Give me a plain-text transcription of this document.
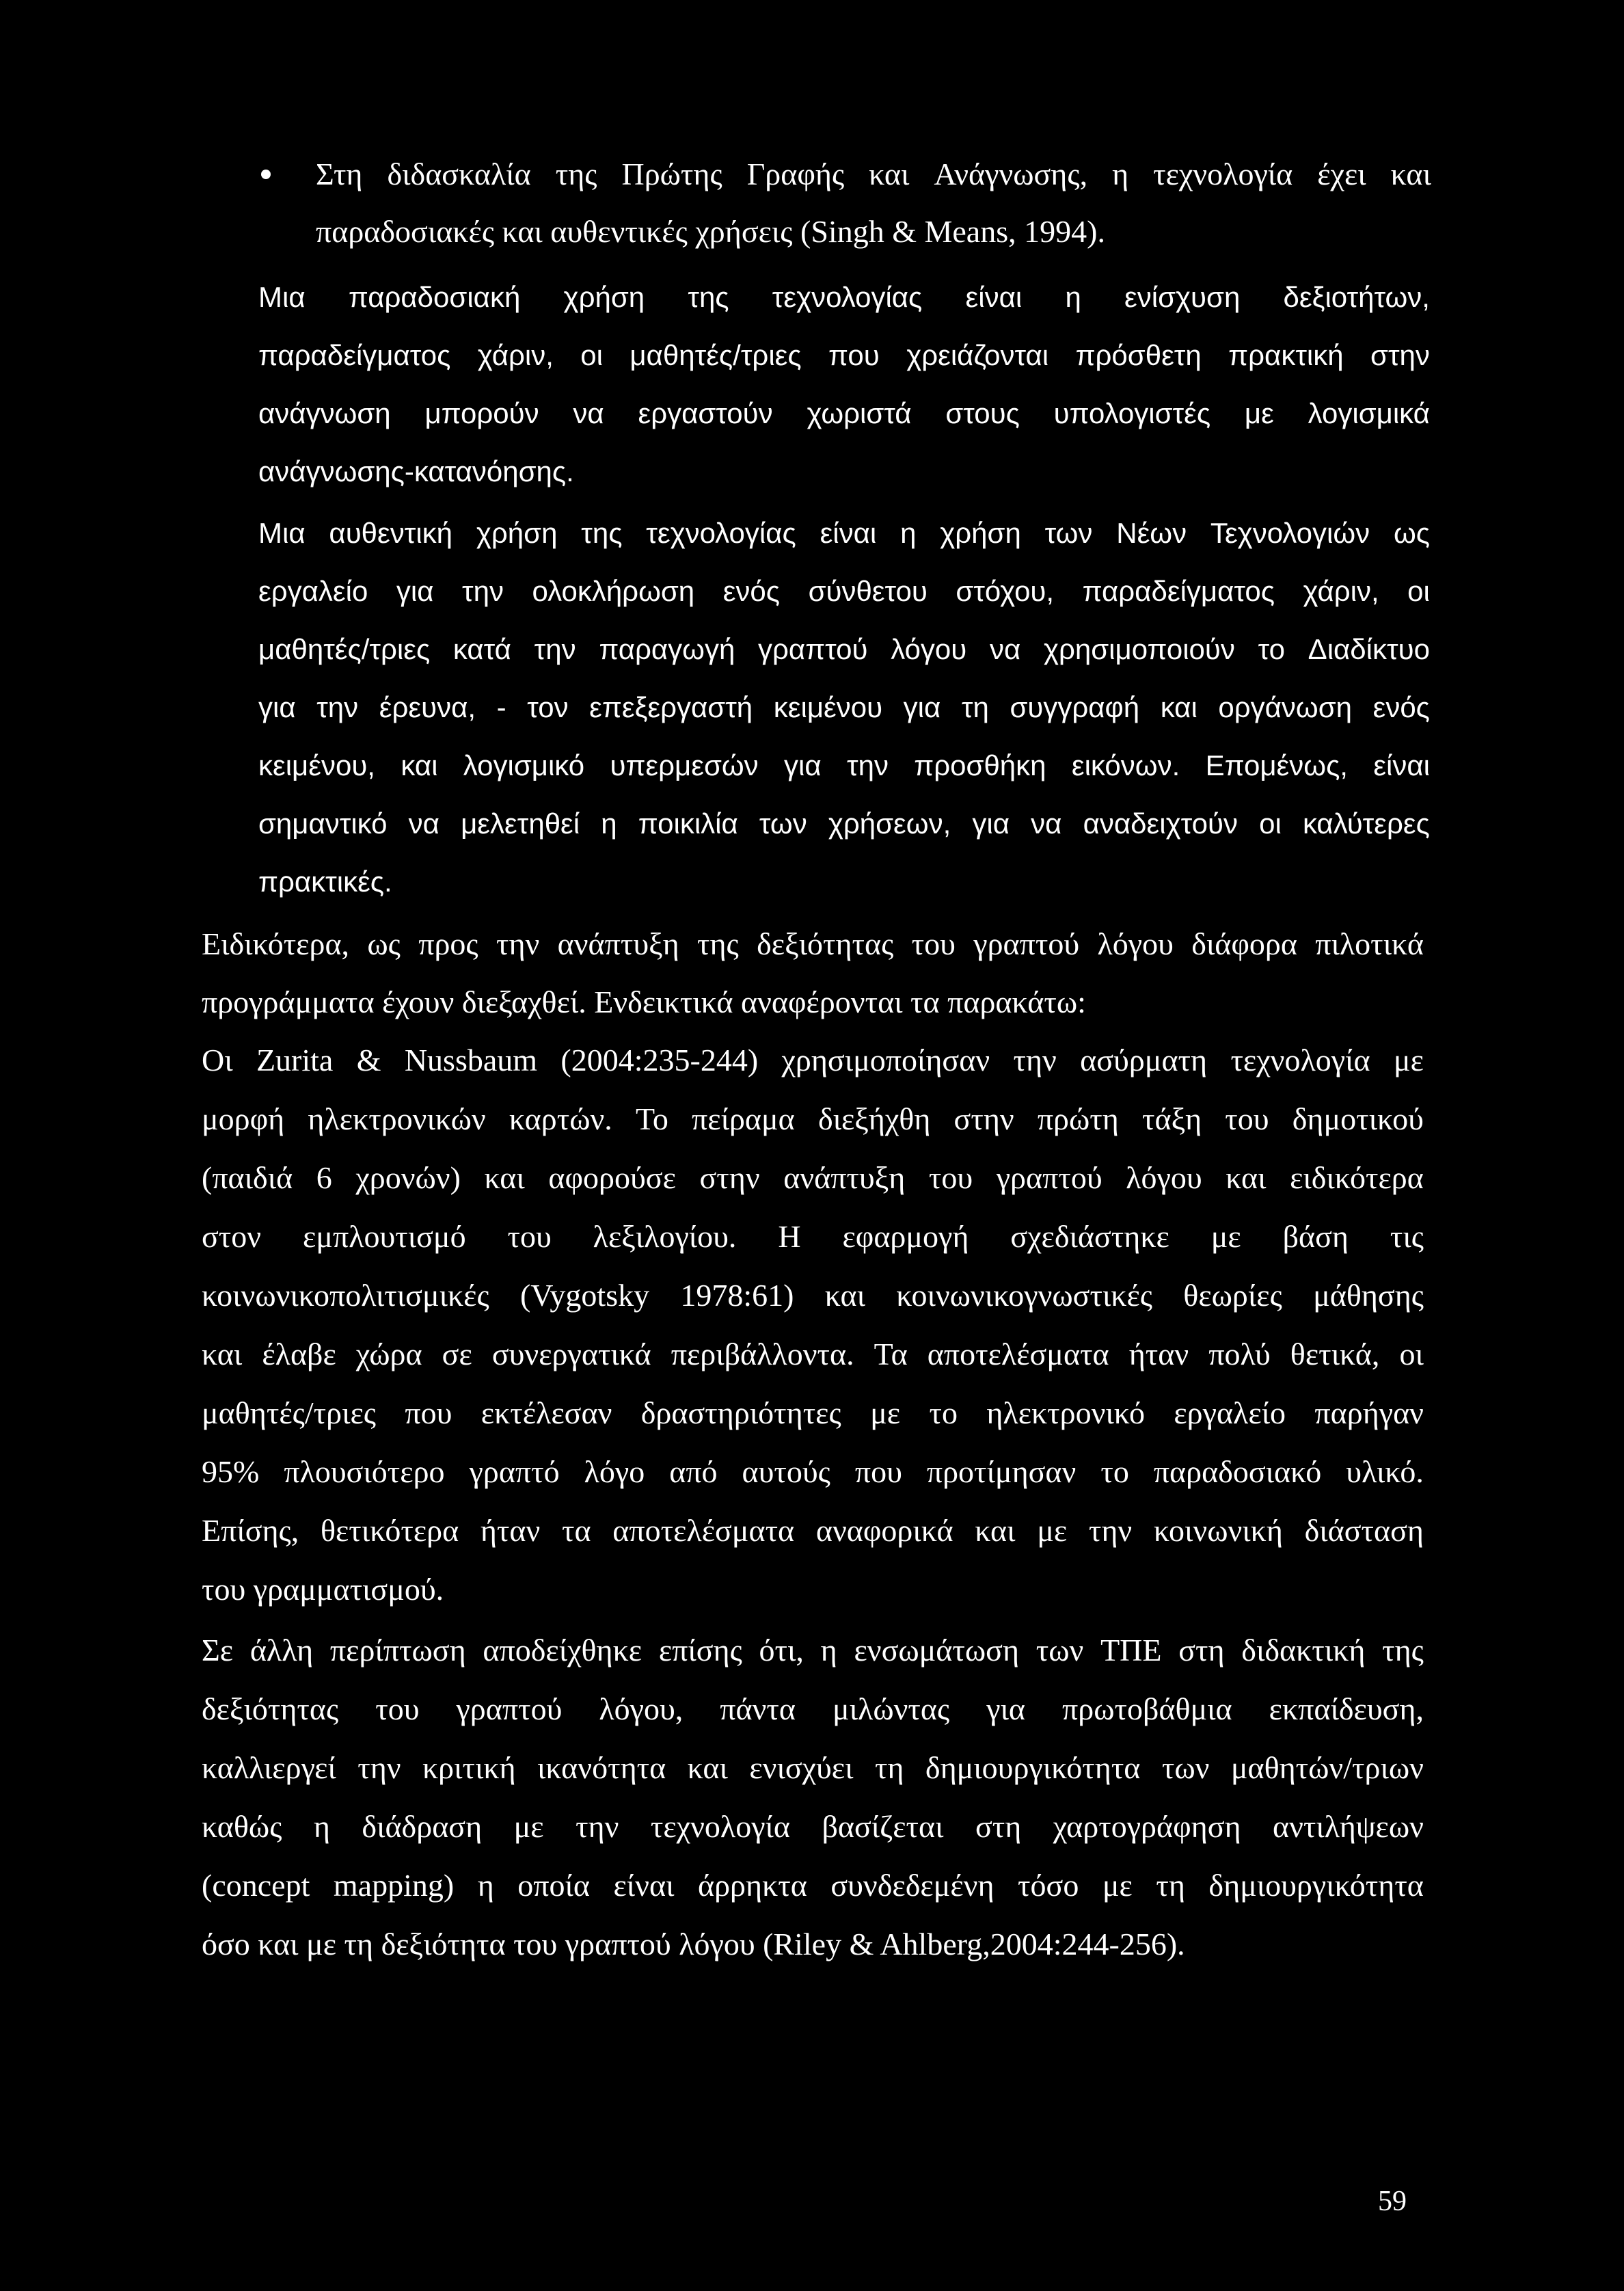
Στη διδασκαλία της Πρώτης Γραφής και Ανάγνωσης, η τεχνολογία έχει και
παραδοσιακές και αυθεντικές χρήσεις (Singh & Means, 1994).
Μια παραδοσιακή χρήση της τεχνολογίας είναι η ενίσχυση δεξιοτήτων,
παραδείγματος χάριν, οι μαθητές/τριες που χρειάζονται πρόσθετη πρακτική στην
ανάγνωση μπορούν να εργαστούν χωριστά στους υπολογιστές με λογισμικά
ανάγνωσης-κατανόησης.
Μια αυθεντική χρήση της τεχνολογίας είναι η χρήση των Νέων Τεχνολογιών ως
εργαλείο για την ολοκλήρωση ενός σύνθετου στόχου, παραδείγματος χάριν, οι
μαθητές/τριες κατά την παραγωγή γραπτού λόγου να χρησιμοποιούν το Διαδίκτυο
για την έρευνα, - τον επεξεργαστή κειμένου για τη συγγραφή και οργάνωση ενός
κειμένου, και λογισμικό υπερμεσών για την προσθήκη εικόνων. Επομένως, είναι
σημαντικό να μελετηθεί η ποικιλία των χρήσεων, για να αναδειχτούν οι καλύτερες
πρακτικές.
Ειδικότερα, ως προς την ανάπτυξη της δεξιότητας του γραπτού λόγου διάφορα πιλοτικά
προγράμματα έχουν διεξαχθεί. Ενδεικτικά αναφέρονται τα παρακάτω:
Οι Zurita & Nussbaum (2004:235-244) χρησιμοποίησαν την ασύρματη τεχνολογία με
μορφή ηλεκτρονικών καρτών. Το πείραμα διεξήχθη στην πρώτη τάξη του δημοτικού
(παιδιά 6 χρονών) και αφορούσε στην ανάπτυξη του γραπτού λόγου και ειδικότερα
στον εμπλουτισμό του λεξιλογίου. Η εφαρμογή σχεδιάστηκε με βάση τις
κοινωνικοπολιτισμικές (Vygotsky 1978:61) και κοινωνικογνωστικές θεωρίες μάθησης
και έλαβε χώρα σε συνεργατικά περιβάλλοντα. Τα αποτελέσματα ήταν πολύ θετικά, οι
μαθητές/τριες που εκτέλεσαν δραστηριότητες με το ηλεκτρονικό εργαλείο παρήγαν
95% πλουσιότερο γραπτό λόγο από αυτούς που προτίμησαν το παραδοσιακό υλικό.
Επίσης, θετικότερα ήταν τα αποτελέσματα αναφορικά και με την κοινωνική διάσταση
του γραμματισμού.
Σε άλλη περίπτωση αποδείχθηκε επίσης ότι, η ενσωμάτωση των ΤΠΕ στη διδακτική της
δεξιότητας του γραπτού λόγου, πάντα μιλώντας για πρωτοβάθμια εκπαίδευση,
καλλιεργεί την κριτική ικανότητα και ενισχύει τη δημιουργικότητα των μαθητών/τριων
καθώς η διάδραση με την τεχνολογία βασίζεται στη χαρτογράφηση αντιλήψεων
(concept mapping) η οποία είναι άρρηκτα συνδεδεμένη τόσο με τη δημιουργικότητα
όσο και με τη δεξιότητα του γραπτού λόγου (Riley & Ahlberg,2004:244-256).
59
